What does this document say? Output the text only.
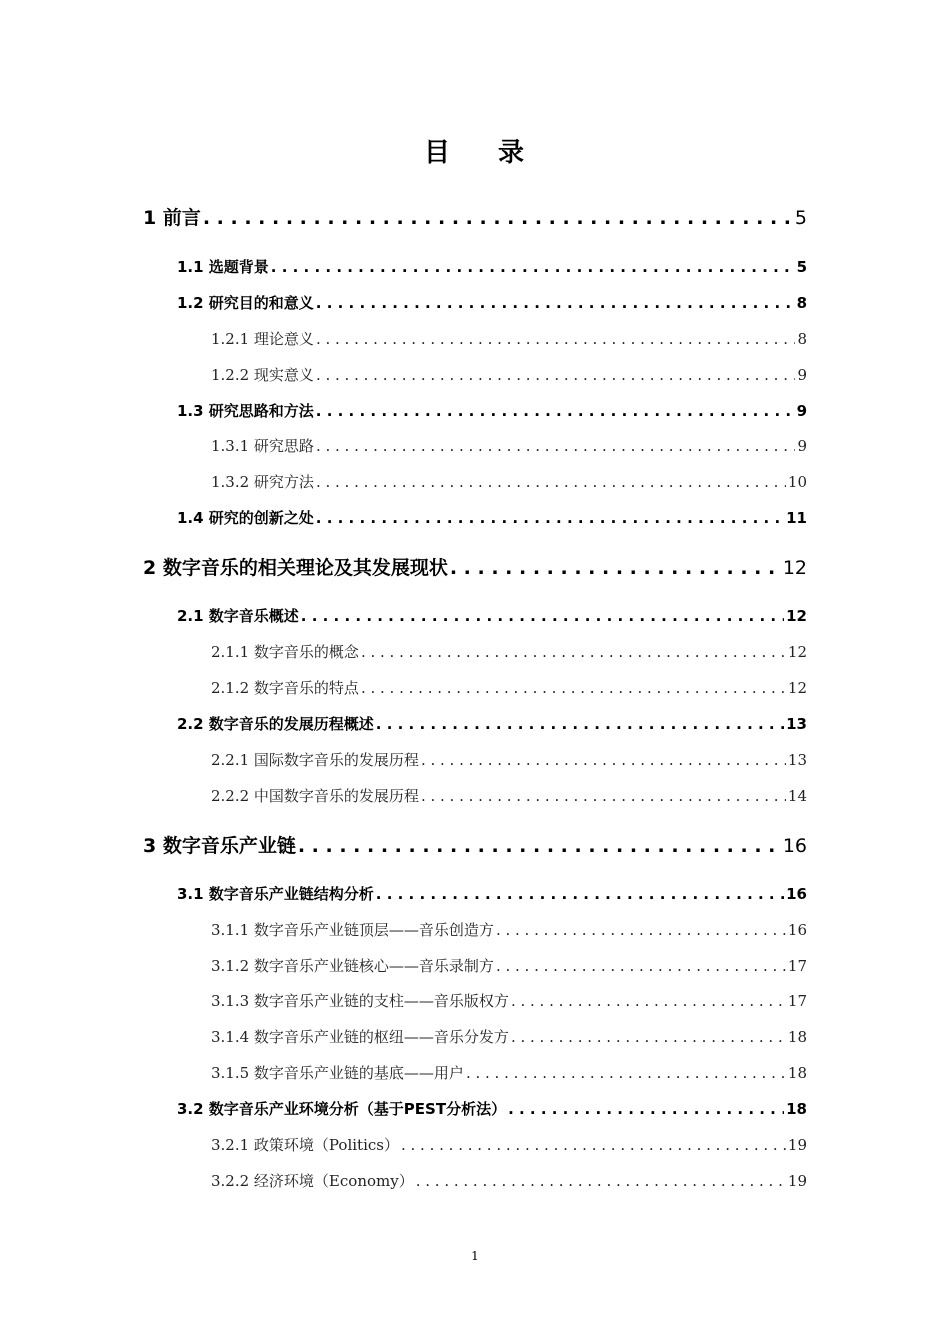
目 录
1 前言 . . .	5
1.1 选题背景 . . .	5
1.2 研究目的和意义 . . .	8
1.2.1 理论意义 . . .	8
1.2.2 现实意义 . . .	9
1.3 研究思路和方法 . . .	9
1.3.1 研究思路 . . .	9
1.3.2 研究方法 . . .	10
1.4 研究的创新之处 . . .	11
2 数字音乐的相关理论及其发展现状 . . .	12
2.1 数字音乐概述 . . .	12
2.1.1 数字音乐的概念 . . .	12
2.1.2 数字音乐的特点 . . .	12
2.2 数字音乐的发展历程概述 . . .	13
2.2.1 国际数字音乐的发展历程 . . .	13
2.2.2 中国数字音乐的发展历程 . . .	14
3 数字音乐产业链 . . .	16
3.1 数字音乐产业链结构分析 . . .	16
3.1.1 数字音乐产业链顶层——音乐创造方 . . .	16
3.1.2 数字音乐产业链核心——音乐录制方 . . .	17
3.1.3 数字音乐产业链的支柱——音乐版权方 . . .	17
3.1.4 数字音乐产业链的枢纽——音乐分发方 . . .	18
3.1.5 数字音乐产业链的基底——用户 . . .	18
3.2 数字音乐产业环境分析（基于PEST分析法） . . .	18
3.2.1 政策环境（Politics） . . .	19
3.2.2 经济环境（Economy） . . .	19
1
